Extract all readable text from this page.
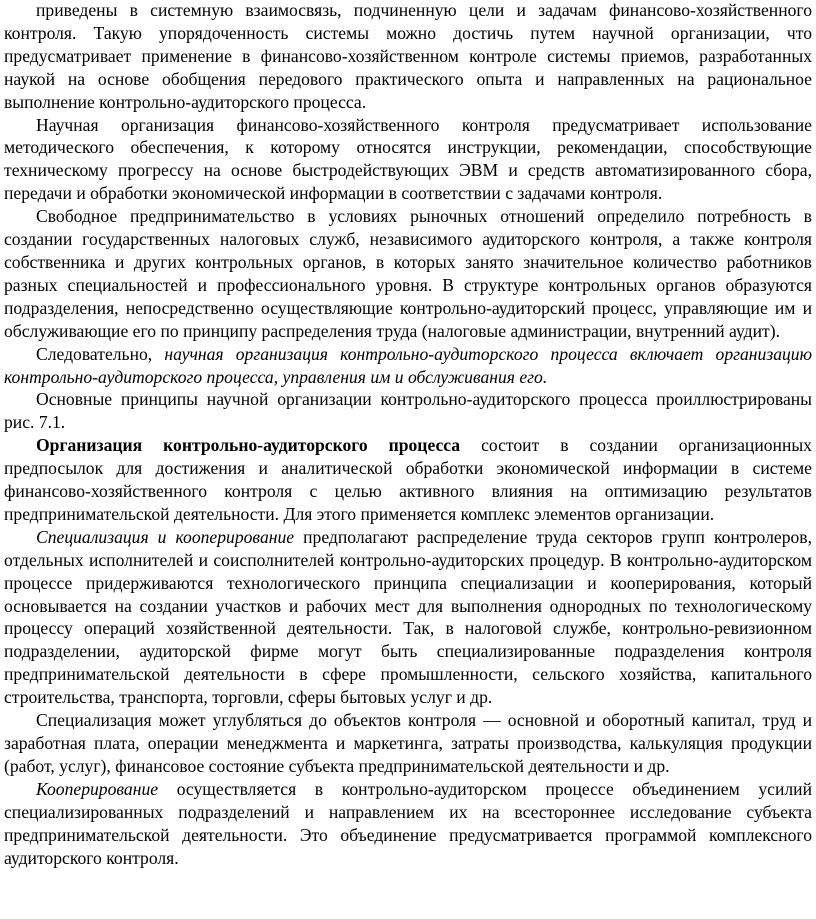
приведены в системную взаимосвязь, подчиненную цели и задачам финансово-хозяйственного контроля. Такую упорядоченность системы можно достичь путем научной организации, что предусматривает применение в финансово-хозяйственном контроле системы приемов, разработанных наукой на основе обобщения передового практического опыта и направленных на рациональное выполнение контрольно-аудиторского процесса.

Научная организация финансово-хозяйственного контроля предусматривает использование методического обеспечения, к которому относятся инструкции, рекомендации, способствующие техническому прогрессу на основе быстродействующих ЭВМ и средств автоматизированного сбора, передачи и обработки экономической информации в соответствии с задачами контроля.

Свободное предпринимательство в условиях рыночных отношений определило потребность в создании государственных налоговых служб, независимого аудиторского контроля, а также контроля собственника и других контрольных органов, в которых занято значительное количество работников разных специальностей и профессионального уровня. В структуре контрольных органов образуются подразделения, непосредственно осуществляющие контрольно-аудиторский процесс, управляющие им и обслуживающие его по принципу распределения труда (налоговые администрации, внутренний аудит).

Следовательно, научная организация контрольно-аудиторского процесса включает организацию контрольно-аудиторского процесса, управления им и обслуживания его.

Основные принципы научной организации контрольно-аудиторского процесса проиллюстрированы рис. 7.1.

Организация контрольно-аудиторского процесса состоит в создании организационных предпосылок для достижения и аналитической обработки экономической информации в системе финансово-хозяйственного контроля с целью активного влияния на оптимизацию результатов предпринимательской деятельности. Для этого применяется комплекс элементов организации.

Специализация и кооперирование предполагают распределение труда секторов групп контролеров, отдельных исполнителей и соисполнителей контрольно-аудиторских процедур. В контрольно-аудиторском процессе придерживаются технологического принципа специализации и кооперирования, который основывается на создании участков и рабочих мест для выполнения однородных по технологическому процессу операций хозяйственной деятельности. Так, в налоговой службе, контрольно-ревизионном подразделении, аудиторской фирме могут быть специализированные подразделения контроля предпринимательской деятельности в сфере промышленности, сельского хозяйства, капитального строительства, транспорта, торговли, сферы бытовых услуг и др.

Специализация может углубляться до объектов контроля — основной и оборотный капитал, труд и заработная плата, операции менеджмента и маркетинга, затраты производства, калькуляция продукции (работ, услуг), финансовое состояние субъекта предпринимательской деятельности и др.

Кооперирование осуществляется в контрольно-аудиторском процессе объединением усилий специализированных подразделений и направлением их на всестороннее исследование субъекта предпринимательской деятельности. Это объединение предусматривается программой комплексного аудиторского контроля.
